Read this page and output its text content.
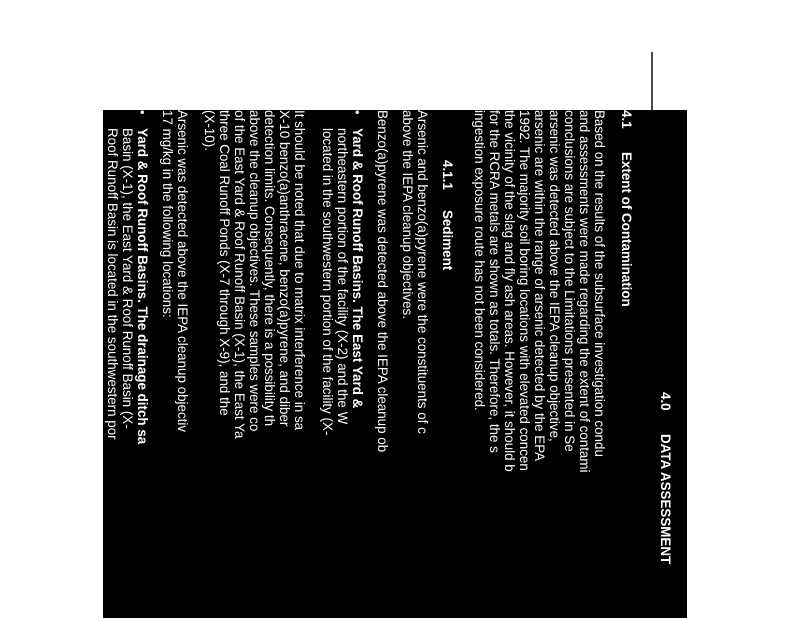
4.0
DATA ASSESSMENT
4.1
Extent of Contamination
Based on the results of the subsurface investigation condu
and assessments were made regarding the extent of contami
conclusions are subject to the Limitations presented in Se
arsenic was detected above the IEPA cleanup objective,
arsenic are within the range of arsenic detected by the EPA
1992. The majority soil boring locations with elevated concen
the vicinity of the slag and fly ash areas. However, it should b
for the RCRA metals are shown as totals. Therefore, the s
ingestion exposure route has not been considered.
4.1.1
Sediment
Arsenic and benzo(a)pyrene were the constituents of c
above the IEPA cleanup objectives.
Benzo(a)pyrene was detected above the IEPA cleanup ob
•
Yard & Roof Runoff Basins. The East Yard &
northeastern portion of the facility (X-2) and the W
located in the southwestern portion of the facility (X-
It should be noted that due to matrix interference in sa
X-10 benzo(a)anthracene, benzo(a)pyrene, and diber
detection limits. Consequently, there is a possibility th
above the cleanup objectives. These samples were co
of the East Yard & Roof Runoff Basin (X-1), the East Ya
three Coal Runoff Ponds (X-7 through X-9), and the
(X-10).
Arsenic was detected above the IEPA cleanup objectiv
17 mg/kg in the following locations:
•
Yard & Roof Runoff Basins. The drainage ditch sa
Basin (X-1), the East Yard & Roof Runoff Basin (X-
Roof Runoff Basin is located in the southwestern por
•
Ash/Slag Ponds. The Ash Surge Basin located to
Runoff Basin (X-4), the Slag Overflow Basin locate
Basin (X-5), the eastern Ash Settling Basin (X-6), a
(X-12).
